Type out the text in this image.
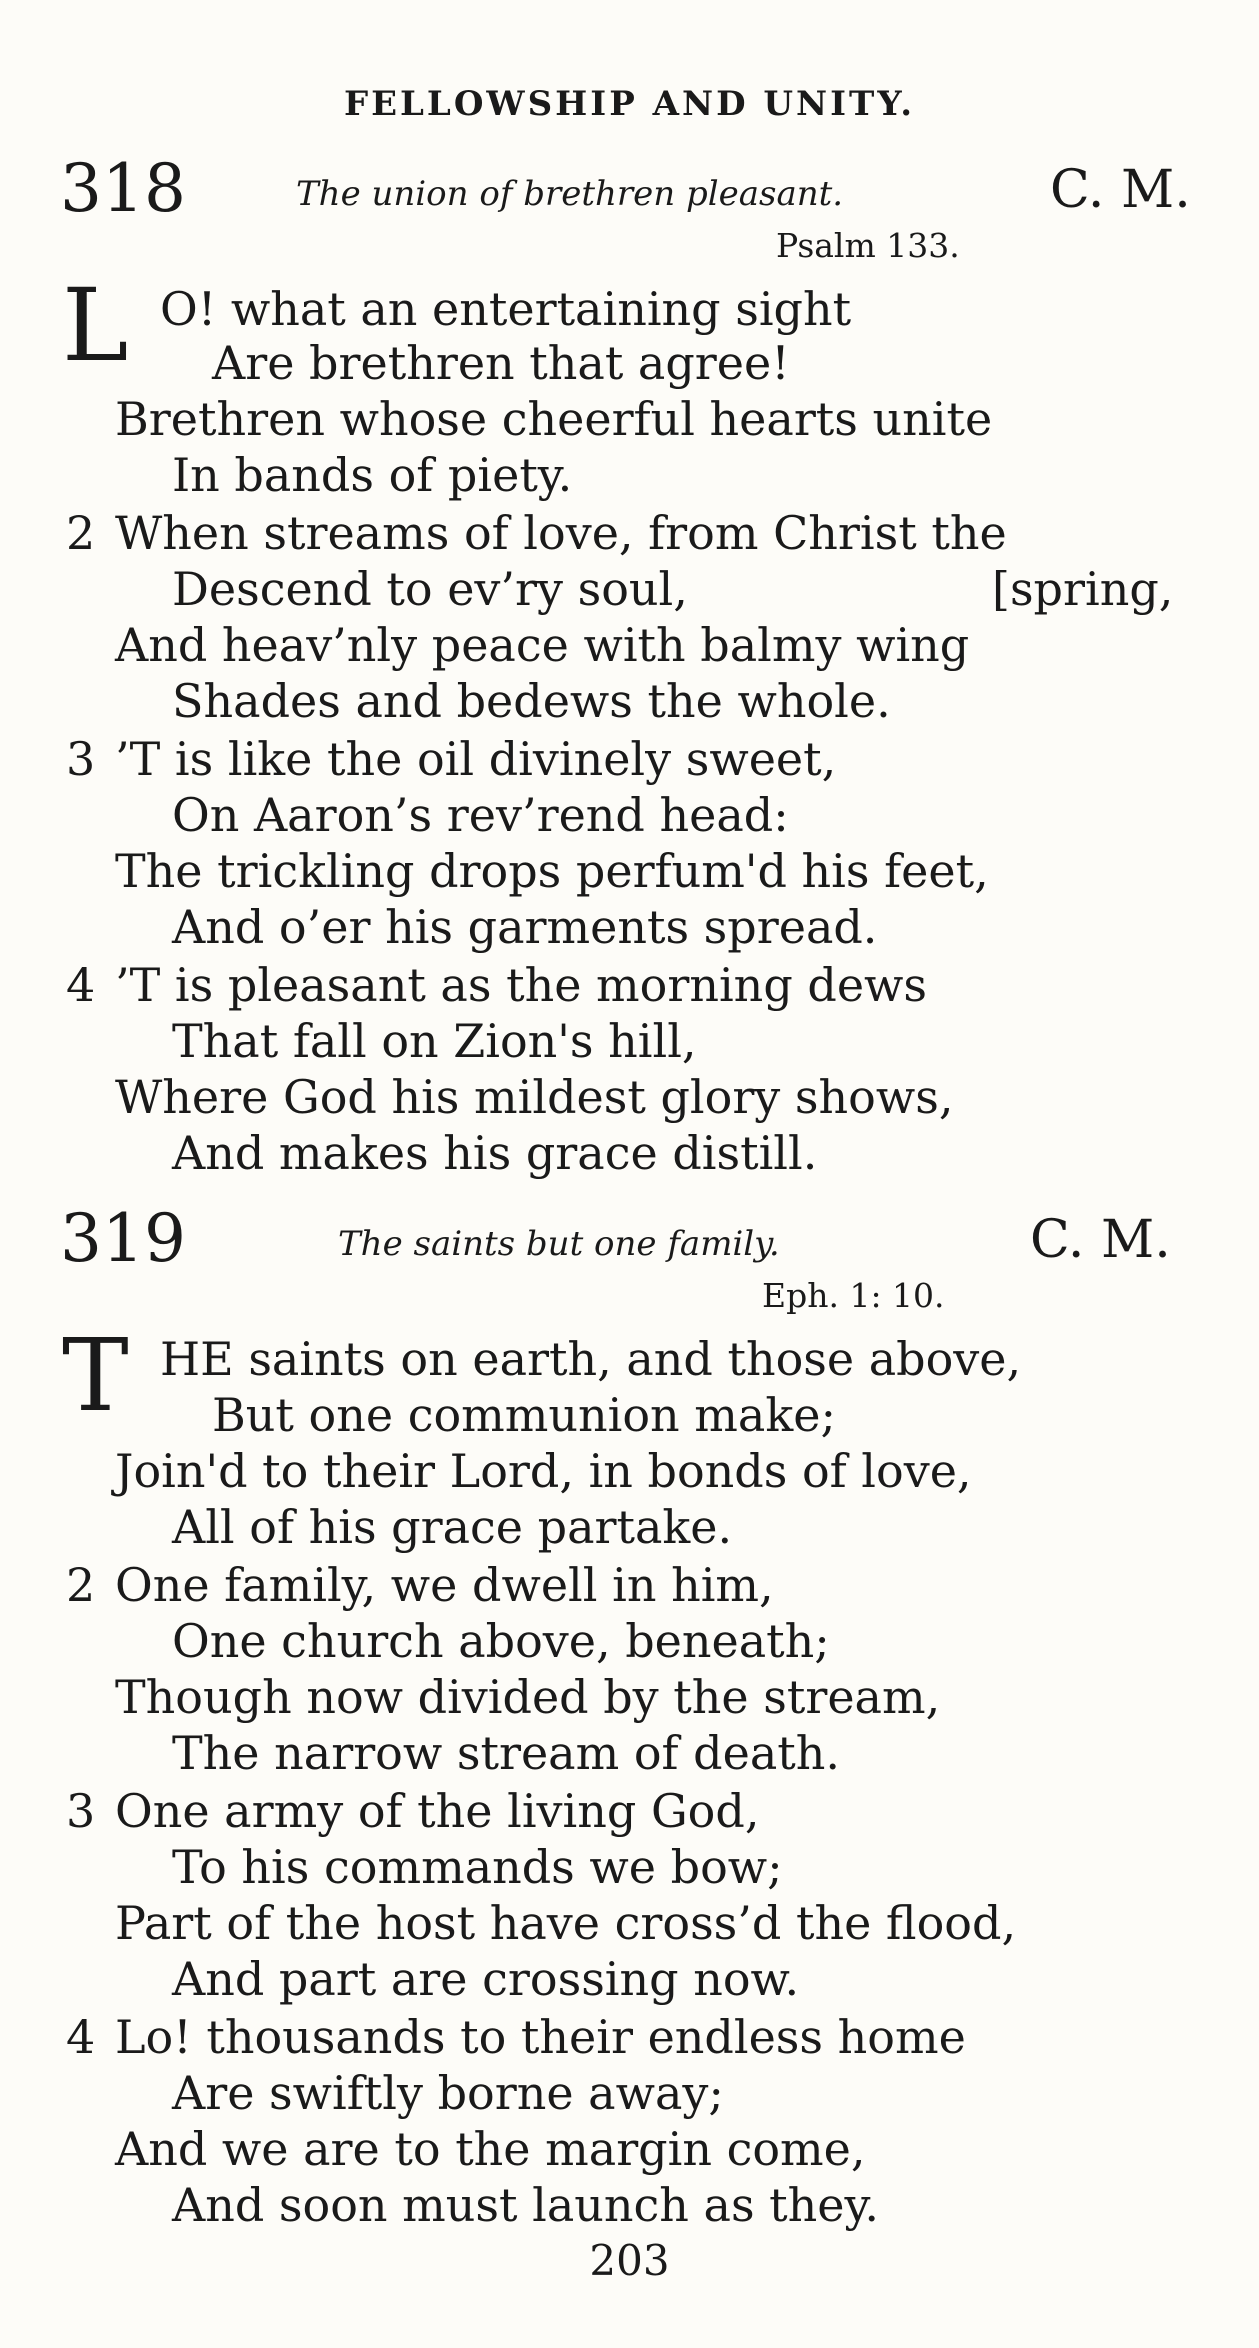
FELLOWSHIP AND UNITY.
318	The union of brethren pleasant.	C. M.
Psalm 133.
L O! what an entertaining sight
Are brethren that agree!
Brethren whose cheerful hearts unite
In bands of piety.
2 When streams of love, from Christ the
Descend to ev’ry soul,	[spring,
And heav’nly peace with balmy wing
Shades and bedews the whole.
3 ’T is like the oil divinely sweet,
On Aaron’s rev’rend head:
The trickling drops perfum'd his feet,
And o’er his garments spread.
4 ’T is pleasant as the morning dews
That fall on Zion's hill,
Where God his mildest glory shows,
And makes his grace distill.
319	The saints but one family.	C. M.
Eph. 1: 10.
T HE saints on earth, and those above,
But one communion make;
Join'd to their Lord, in bonds of love,
All of his grace partake.
2 One family, we dwell in him,
One church above, beneath;
Though now divided by the stream,
The narrow stream of death.
3 One army of the living God,
To his commands we bow;
Part of the host have cross’d the flood,
And part are crossing now.
4 Lo! thousands to their endless home
Are swiftly borne away;
And we are to the margin come,
And soon must launch as they.
203
